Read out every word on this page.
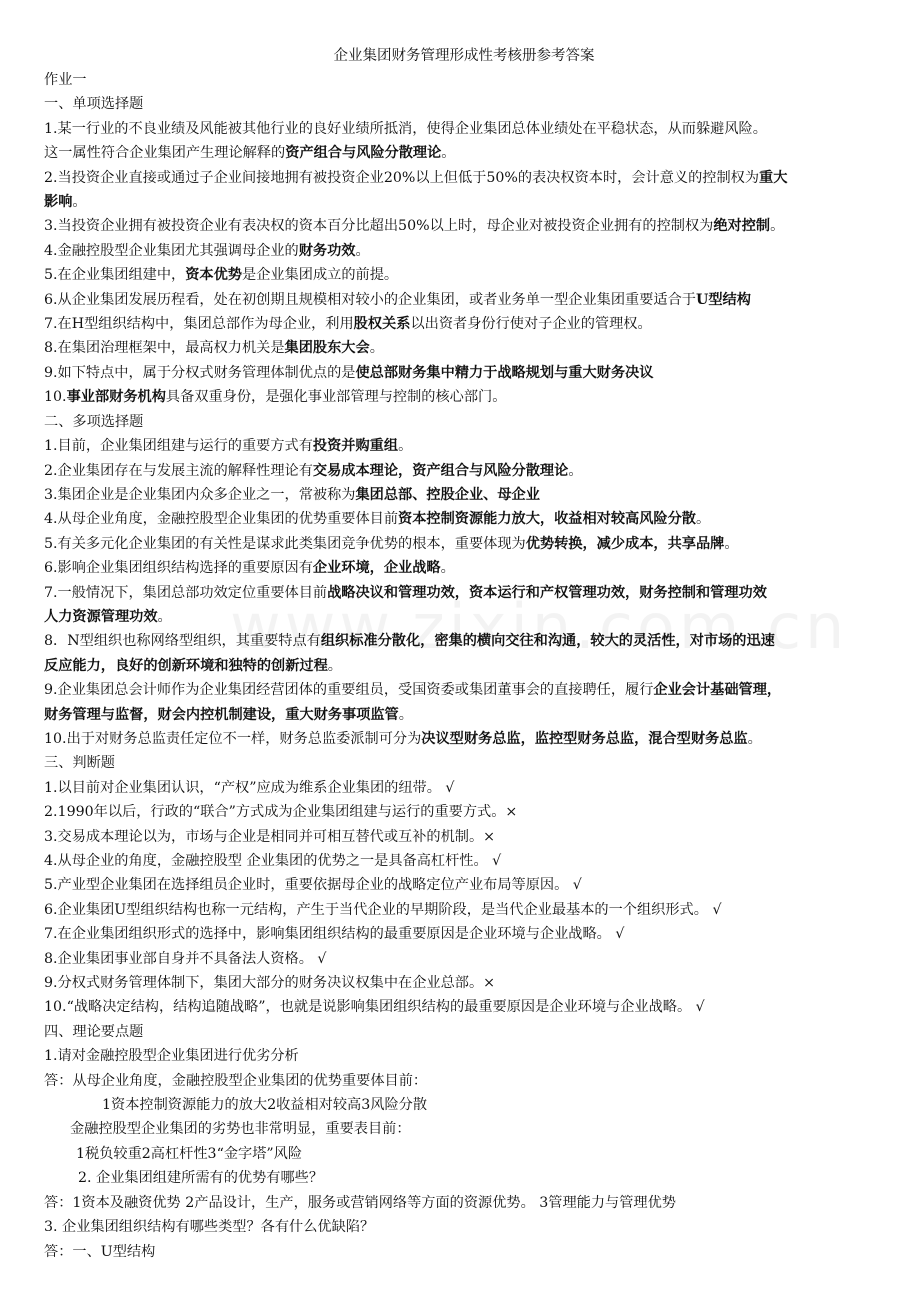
企业集团财务管理形成性考核册参考答案
作业一
一、单项选择题
1.某一行业的不良业绩及风能被其他行业的良好业绩所抵消，使得企业集团总体业绩处在平稳状态，从而躲避风险。
这一属性符合企业集团产生理论解释的资产组合与风险分散理论。
2.当投资企业直接或通过子企业间接地拥有被投资企业20%以上但低于50%的表决权资本时，会计意义的控制权为重大
影响。
3.当投资企业拥有被投资企业有表决权的资本百分比超出50%以上时，母企业对被投资企业拥有的控制权为绝对控制。
4.金融控股型企业集团尤其强调母企业的财务功效。
5.在企业集团组建中，资本优势是企业集团成立的前提。
6.从企业集团发展历程看，处在初创期且规模相对较小的企业集团，或者业务单一型企业集团重要适合于U型结构
7.在H型组织结构中，集团总部作为母企业，利用股权关系以出资者身份行使对子企业的管理权。
8.在集团治理框架中，最高权力机关是集团股东大会。
9.如下特点中，属于分权式财务管理体制优点的是使总部财务集中精力于战略规划与重大财务决议
10.事业部财务机构具备双重身份，是强化事业部管理与控制的核心部门。
二、多项选择题
1.目前，企业集团组建与运行的重要方式有投资并购重组。
2.企业集团存在与发展主流的解释性理论有交易成本理论，资产组合与风险分散理论。
3.集团企业是企业集团内众多企业之一，常被称为集团总部、控股企业、母企业
4.从母企业角度，金融控股型企业集团的优势重要体目前资本控制资源能力放大，收益相对较高风险分散。
5.有关多元化企业集团的有关性是谋求此类集团竞争优势的根本，重要体现为优势转换，减少成本，共享品牌。
6.影响企业集团组织结构选择的重要原因有企业环境，企业战略。
7.一般情况下，集团总部功效定位重要体目前战略决议和管理功效，资本运行和产权管理功效，财务控制和管理功效
人力资源管理功效。
8．N型组织也称网络型组织，其重要特点有组织标准分散化，密集的横向交往和沟通，较大的灵活性，对市场的迅速
反应能力，良好的创新环境和独特的创新过程。
9.企业集团总会计师作为企业集团经营团体的重要组员，受国资委或集团董事会的直接聘任，履行企业会计基础管理，
财务管理与监督，财会内控机制建设，重大财务事项监管。
10.出于对财务总监责任定位不一样，财务总监委派制可分为决议型财务总监，监控型财务总监，混合型财务总监。
三、判断题
1.以目前对企业集团认识，“产权”应成为维系企业集团的纽带。 √
2.1990年以后，行政的“联合”方式成为企业集团组建与运行的重要方式。×
3.交易成本理论以为，市场与企业是相同并可相互替代或互补的机制。×
4.从母企业的角度，金融控股型 企业集团的优势之一是具备高杠杆性。 √
5.产业型企业集团在选择组员企业时，重要依据母企业的战略定位产业布局等原因。 √
6.企业集团U型组织结构也称一元结构，产生于当代企业的早期阶段，是当代企业最基本的一个组织形式。 √
7.在企业集团组织形式的选择中，影响集团组织结构的最重要原因是企业环境与企业战略。 √
8.企业集团事业部自身并不具备法人资格。 √
9.分权式财务管理体制下，集团大部分的财务决议权集中在企业总部。×
10.“战略决定结构，结构追随战略”，也就是说影响集团组织结构的最重要原因是企业环境与企业战略。 √
四、理论要点题
1.请对金融控股型企业集团进行优劣分析
答：从母企业角度，金融控股型企业集团的优势重要体目前：
1资本控制资源能力的放大2收益相对较高3风险分散
金融控股型企业集团的劣势也非常明显，重要表目前：
1税负较重2高杠杆性3“金字塔”风险
2. 企业集团组建所需有的优势有哪些？
答：1资本及融资优势 2产品设计，生产，服务或营销网络等方面的资源优势。 3管理能力与管理优势
3. 企业集团组织结构有哪些类型？各有什么优缺陷？
答：一、U型结构
